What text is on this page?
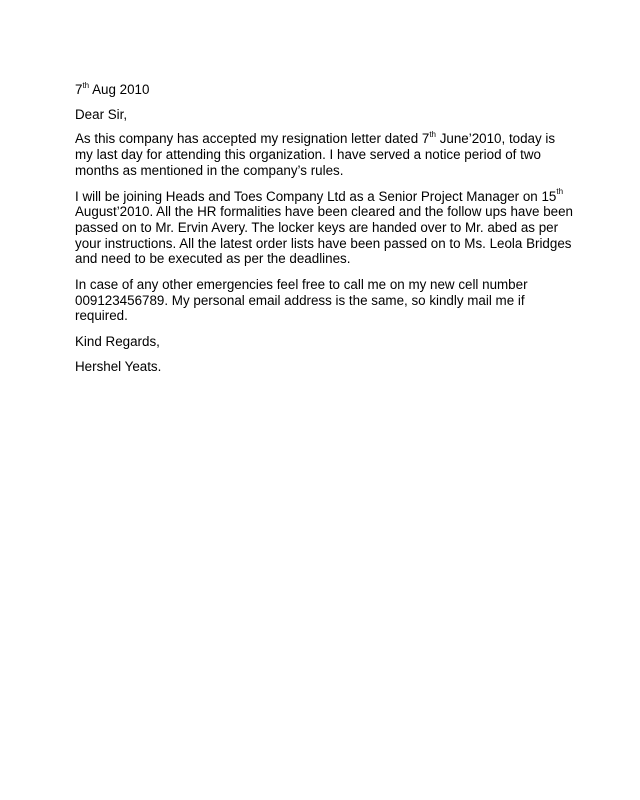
7th Aug 2010

Dear Sir,

As this company has accepted my resignation letter dated 7th June’2010, today is my last day for attending this organization. I have served a notice period of two months as mentioned in the company’s rules.

I will be joining Heads and Toes Company Ltd as a Senior Project Manager on 15th August’2010. All the HR formalities have been cleared and the follow ups have been passed on to Mr. Ervin Avery. The locker keys are handed over to Mr. abed as per your instructions. All the latest order lists have been passed on to Ms. Leola Bridges and need to be executed as per the deadlines.

In case of any other emergencies feel free to call me on my new cell number 009123456789. My personal email address is the same, so kindly mail me if required.

Kind Regards,

Hershel Yeats.
